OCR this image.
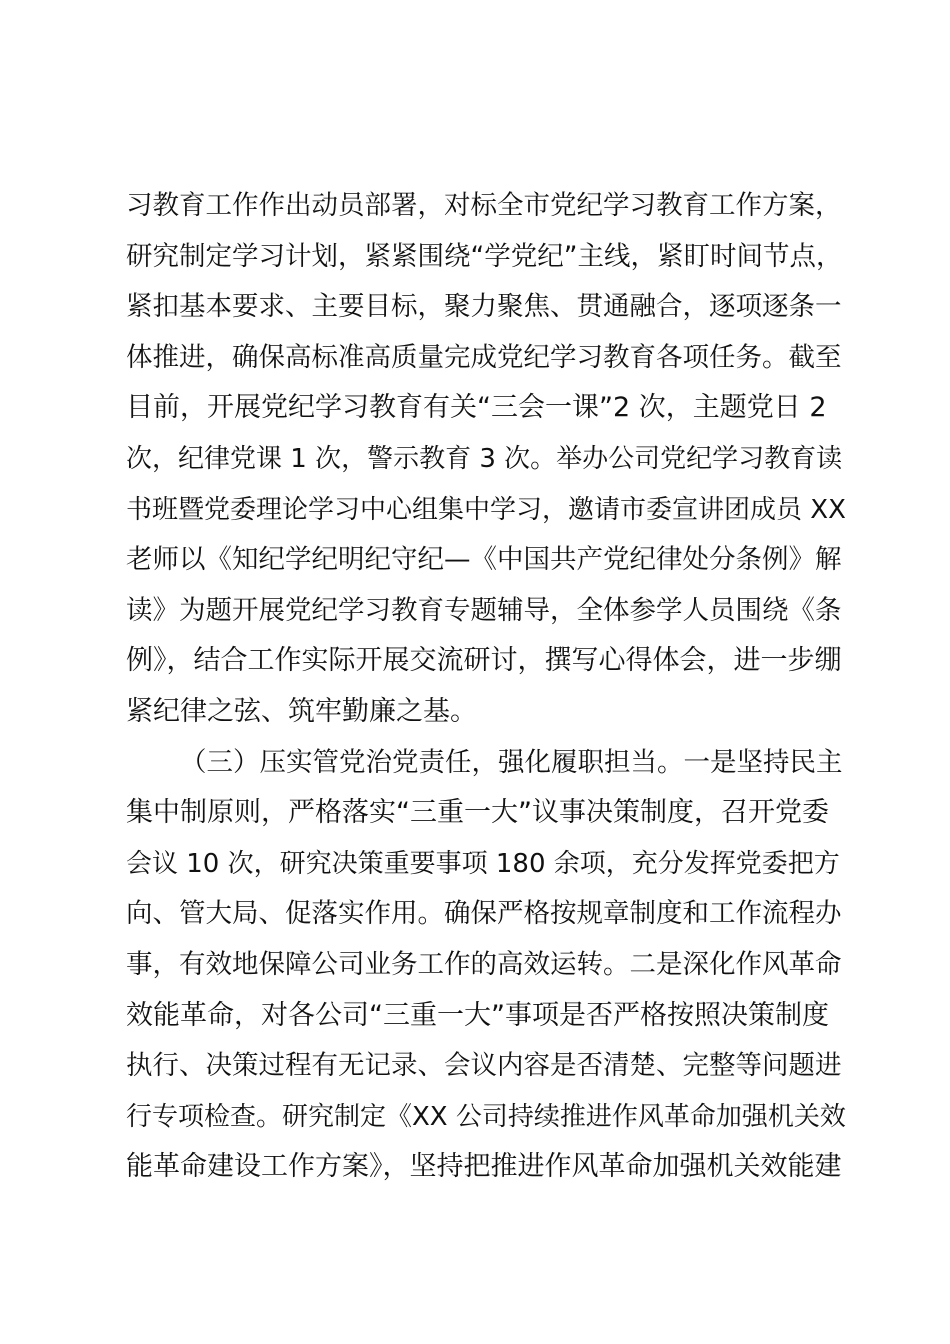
习教育工作作出动员部署，对标全市党纪学习教育工作方案，
研究制定学习计划，紧紧围绕“学党纪”主线，紧盯时间节点，
紧扣基本要求、主要目标，聚力聚焦、贯通融合，逐项逐条一
体推进，确保高标准高质量完成党纪学习教育各项任务。截至
目前，开展党纪学习教育有关“三会一课”2 次，主题党日 2
次，纪律党课 1 次，警示教育 3 次。举办公司党纪学习教育读
书班暨党委理论学习中心组集中学习，邀请市委宣讲团成员 XX
老师以《知纪学纪明纪守纪—《中国共产党纪律处分条例》解
读》为题开展党纪学习教育专题辅导，全体参学人员围绕《条
例》，结合工作实际开展交流研讨，撰写心得体会，进一步绷
紧纪律之弦、筑牢勤廉之基。
（三）压实管党治党责任，强化履职担当。一是坚持民主
集中制原则，严格落实“三重一大”议事决策制度，召开党委
会议 10 次，研究决策重要事项 180 余项，充分发挥党委把方
向、管大局、促落实作用。确保严格按规章制度和工作流程办
事，有效地保障公司业务工作的高效运转。二是深化作风革命
效能革命，对各公司“三重一大”事项是否严格按照决策制度
执行、决策过程有无记录、会议内容是否清楚、完整等问题进
行专项检查。研究制定《XX 公司持续推进作风革命加强机关效
能革命建设工作方案》，坚持把推进作风革命加强机关效能建
